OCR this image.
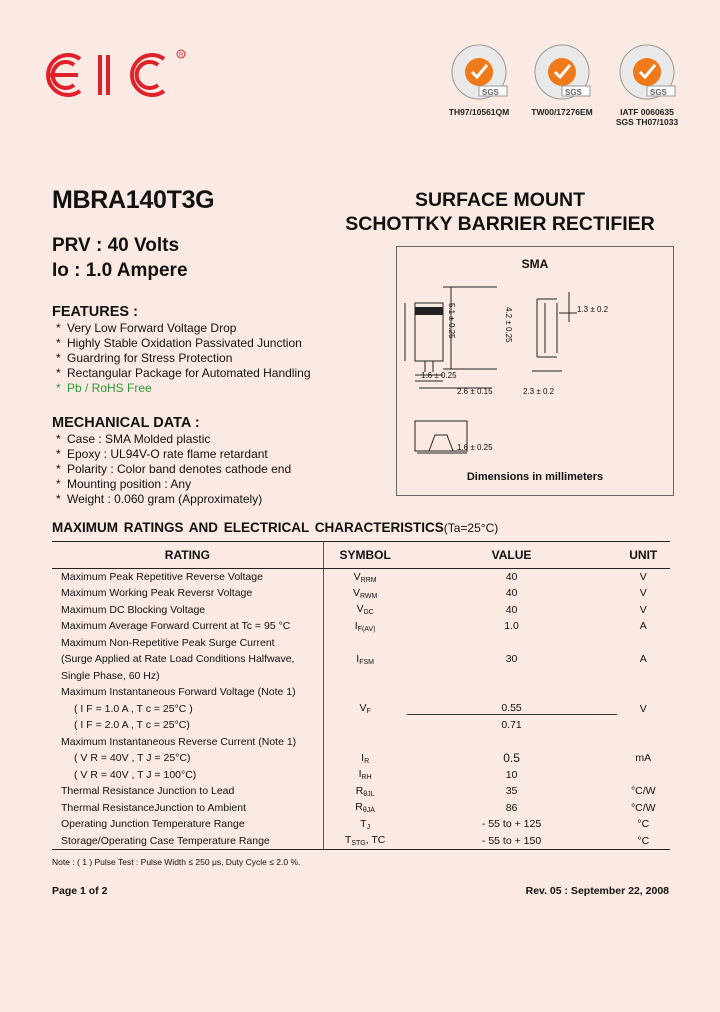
R
SGS
TH97/10561QM
SGS
TW00/17276EM
SGS
IATF 0060635
SGS TH07/1033
MBRA140T3G
PRV : 40 Volts
Io : 1.0 Ampere
SURFACE MOUNT
SCHOTTKY BARRIER RECTIFIER
FEATURES :
* Very Low Forward Voltage Drop
* Highly Stable Oxidation Passivated Junction
* Guardring for Stress Protection
* Rectangular Package for Automated Handling
* Pb / RoHS Free
MECHANICAL DATA :
* Case : SMA Molded plastic
* Epoxy : UL94V-O rate flame retardant
* Polarity : Color band denotes cathode end
* Mounting position : Any
* Weight : 0.060 gram (Approximately)
SMA
5.1 ± 0.25	4.2 ± 0.25
1.6 ± 0.25
2.6 ± 0.15	2.3 ± 0.2
1.3 ± 0.2
1.6 ± 0.25
Dimensions in millimeters
MAXIMUM RATINGS AND ELECTRICAL CHARACTERISTICS(Ta=25°C)
RATING	SYMBOL	VALUE	UNIT
Maximum Peak Repetitive Reverse Voltage	$V_{RRM}$	40	V
Maximum Working Peak Reversr Voltage	$V_{RWM}$	40	V
Maximum DC Blocking Voltage	$V_{DC}$	40	V
Maximum Average Forward Current at Tc = 95 °C	$I_{F(AV)}$	1.0	A
Maximum Non-Repetitive Peak Surge Current			
(Surge Applied at Rate Load Conditions Halfwave,	$I_{FSM}$	30	A
Single Phase, 60 Hz)			
Maximum Instantaneous Forward Voltage (Note 1)			
( I F = 1.0 A , T c = 25°C )	$V_F$	0.55	V
( I F = 2.0 A , T c = 25°C)		0.71	
Maximum Instantaneous Reverse Current (Note 1)			
( V R = 40V , T J = 25°C)	$I_R$	0.5	mA
( V R = 40V , T J = 100°C)	$I_{RH}$	10	
Thermal Resistance Junction to Lead	$R_{\theta JL}$	35	°C/W
Thermal ResistanceJunction to Ambient	$R_{\theta JA}$	86	°C/W
Operating Junction Temperature Range	$T_J$	- 55 to + 125	°C
Storage/Operating Case Temperature Range	$T_{STG}$, TC	- 55 to + 150	°C
Note : ( 1 ) Pulse Test : Pulse Width ≤ 250 μs, Duty Cycle ≤ 2.0 %.
Page 1 of 2	Rev. 05 : September 22, 2008
